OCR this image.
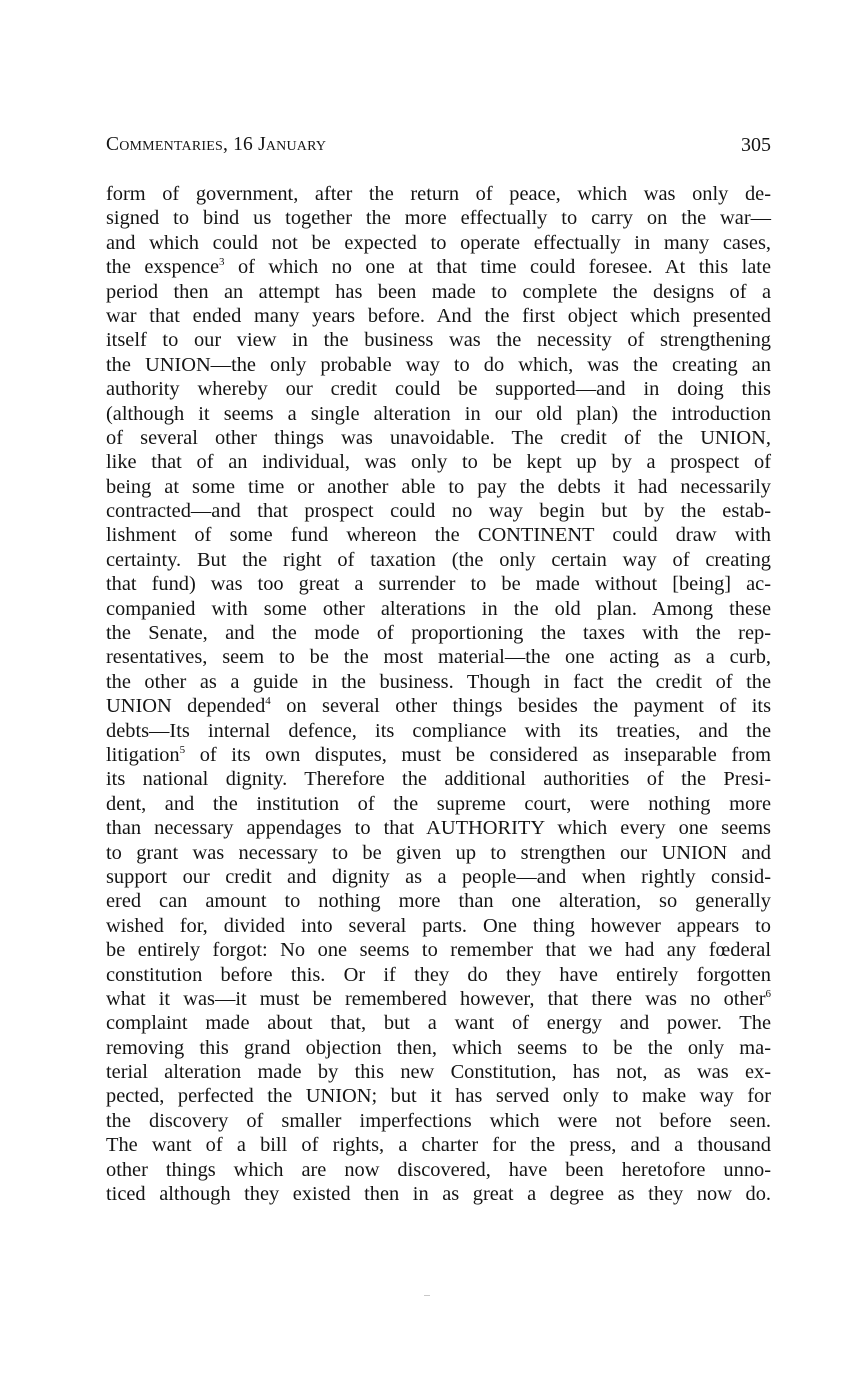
Commentaries, 16 January	305
form of government, after the return of peace, which was only de-
signed to bind us together the more effectually to carry on the war—
and which could not be expected to operate effectually in many cases,
the exspence$^3$ of which no one at that time could foresee. At this late
period then an attempt has been made to complete the designs of a
war that ended many years before. And the first object which presented
itself to our view in the business was the necessity of strengthening
the UNION—the only probable way to do which, was the creating an
authority whereby our credit could be supported—and in doing this
(although it seems a single alteration in our old plan) the introduction
of several other things was unavoidable. The credit of the UNION,
like that of an individual, was only to be kept up by a prospect of
being at some time or another able to pay the debts it had necessarily
contracted—and that prospect could no way begin but by the estab-
lishment of some fund whereon the CONTINENT could draw with
certainty. But the right of taxation (the only certain way of creating
that fund) was too great a surrender to be made without [being] ac-
companied with some other alterations in the old plan. Among these
the Senate, and the mode of proportioning the taxes with the rep-
resentatives, seem to be the most material—the one acting as a curb,
the other as a guide in the business. Though in fact the credit of the
UNION depended$^4$ on several other things besides the payment of its
debts—Its internal defence, its compliance with its treaties, and the
litigation$^5$ of its own disputes, must be considered as inseparable from
its national dignity. Therefore the additional authorities of the Presi-
dent, and the institution of the supreme court, were nothing more
than necessary appendages to that AUTHORITY which every one seems
to grant was necessary to be given up to strengthen our UNION and
support our credit and dignity as a people—and when rightly consid-
ered can amount to nothing more than one alteration, so generally
wished for, divided into several parts. One thing however appears to
be entirely forgot: No one seems to remember that we had any fœderal
constitution before this. Or if they do they have entirely forgotten
what it was—it must be remembered however, that there was no other$^6$
complaint made about that, but a want of energy and power. The
removing this grand objection then, which seems to be the only ma-
terial alteration made by this new Constitution, has not, as was ex-
pected, perfected the UNION; but it has served only to make way for
the discovery of smaller imperfections which were not before seen.
The want of a bill of rights, a charter for the press, and a thousand
other things which are now discovered, have been heretofore unno-
ticed although they existed then in as great a degree as they now do.
